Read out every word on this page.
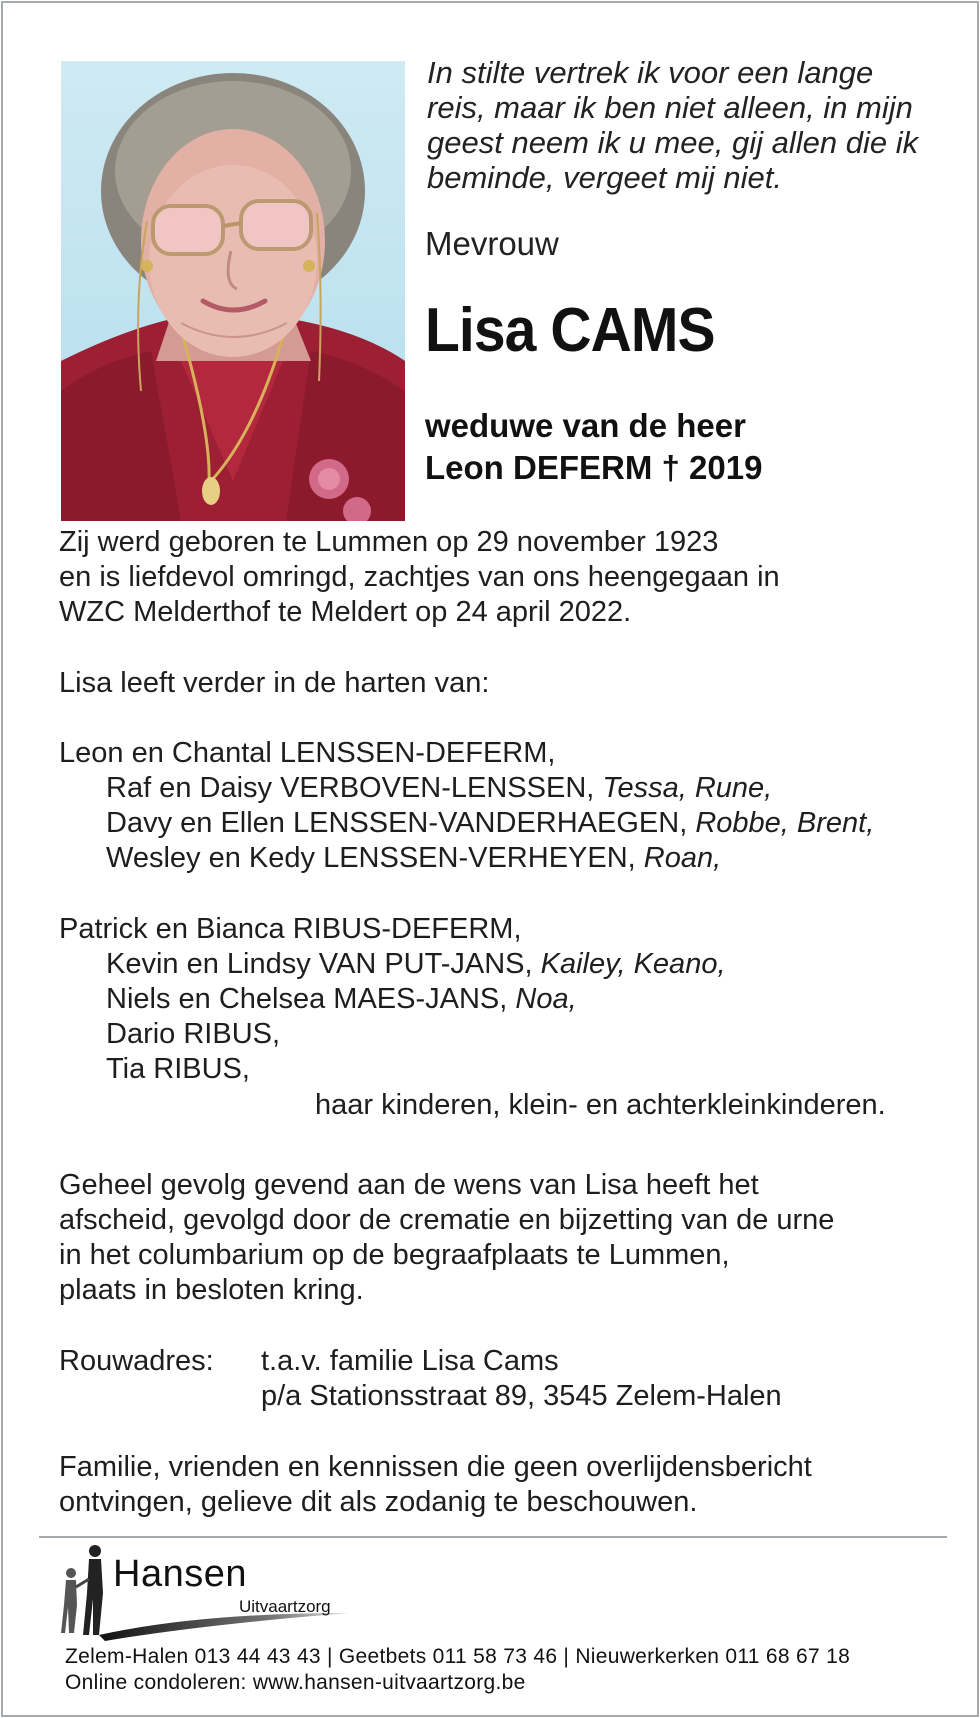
In stilte vertrek ik voor een lange
reis, maar ik ben niet alleen, in mijn
geest neem ik u mee, gij allen die ik
beminde, vergeet mij niet.
Mevrouw
Lisa CAMS
weduwe van de heer
Leon DEFERM † 2019
Zij werd geboren te Lummen op 29 november 1923
en is liefdevol omringd, zachtjes van ons heengegaan in
WZC Melderthof te Meldert op 24 april 2022.
Lisa leeft verder in de harten van:
Leon en Chantal LENSSEN-DEFERM,
Raf en Daisy VERBOVEN-LENSSEN, Tessa, Rune,
Davy en Ellen LENSSEN-VANDERHAEGEN, Robbe, Brent,
Wesley en Kedy LENSSEN-VERHEYEN, Roan,
Patrick en Bianca RIBUS-DEFERM,
Kevin en Lindsy VAN PUT-JANS, Kailey, Keano,
Niels en Chelsea MAES-JANS, Noa,
Dario RIBUS,
Tia RIBUS,
haar kinderen, klein- en achterkleinkinderen.
Geheel gevolg gevend aan de wens van Lisa heeft het
afscheid, gevolgd door de crematie en bijzetting van de urne
in het columbarium op de begraafplaats te Lummen,
plaats in besloten kring.
Rouwadres: t.a.v. familie Lisa Cams
p/a Stationsstraat 89, 3545 Zelem-Halen
Familie, vrienden en kennissen die geen overlijdensbericht
ontvingen, gelieve dit als zodanig te beschouwen.
Hansen
Uitvaartzorg
Zelem-Halen 013 44 43 43 | Geetbets 011 58 73 46 | Nieuwerkerken 011 68 67 18
Online condoleren: www.hansen-uitvaartzorg.be
